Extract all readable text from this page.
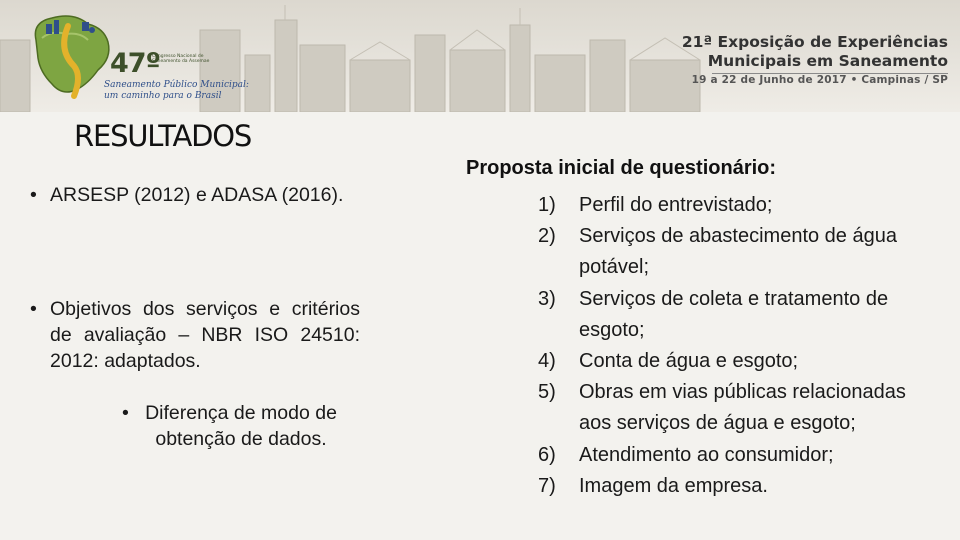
47º
Congresso Nacional de Saneamento da Assemae
Saneamento Público Municipal:
um caminho para o Brasil
21ª Exposição de Experiências
Municipais em Saneamento
19 a 22 de Junho de 2017 • Campinas / SP
RESULTADOS
• ARSESP (2012) e ADASA (2016).
• Objetivos dos serviços e critérios de avaliação – NBR ISO 24510: 2012: adaptados.
• Diferença de modo de obtenção de dados.
Proposta inicial de questionário:
1) Perfil do entrevistado;
2) Serviços de abastecimento de água potável;
3) Serviços de coleta e tratamento de esgoto;
4) Conta de água e esgoto;
5) Obras em vias públicas relacionadas aos serviços de água e esgoto;
6) Atendimento ao consumidor;
7) Imagem da empresa.
